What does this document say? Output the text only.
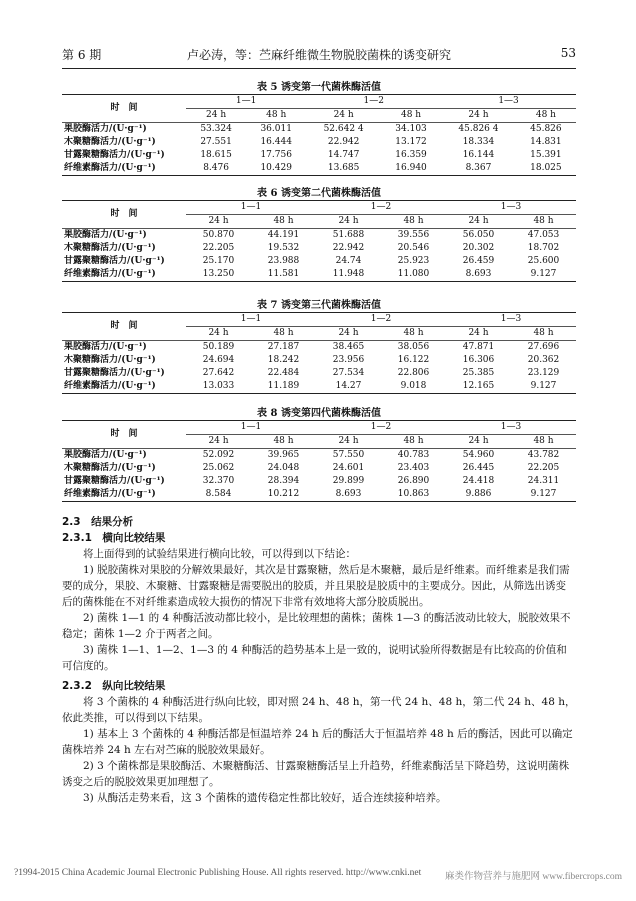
第 6 期	卢必涛，等：苎麻纤维微生物脱胶菌株的诱变研究	53
表 5 诱变第一代菌株酶活值
时　间	1—1		1—2		1—3	
	24 h	48 h	24 h	48 h	24 h	48 h
果胶酶活力/(U·g⁻¹)	53.324	36.011	52.642 4	34.103	45.826 4	45.826
木聚糖酶活力/(U·g⁻¹)	27.551	16.444	22.942	13.172	18.334	14.831
甘露聚糖酶活力/(U·g⁻¹)	18.615	17.756	14.747	16.359	16.144	15.391
纤维素酶活力/(U·g⁻¹)	8.476	10.429	13.685	16.940	8.367	18.025
表 6 诱变第二代菌株酶活值
时　间	1—1		1—2		1—3	
	24 h	48 h	24 h	48 h	24 h	48 h
果胶酶活力/(U·g⁻¹)	50.870	44.191	51.688	39.556	56.050	47.053
木聚糖酶活力/(U·g⁻¹)	22.205	19.532	22.942	20.546	20.302	18.702
甘露聚糖酶活力/(U·g⁻¹)	25.170	23.988	24.74	25.923	26.459	25.600
纤维素酶活力/(U·g⁻¹)	13.250	11.581	11.948	11.080	8.693	9.127
表 7 诱变第三代菌株酶活值
时　间	1—1		1—2		1—3	
	24 h	48 h	24 h	48 h	24 h	48 h
果胶酶活力/(U·g⁻¹)	50.189	27.187	38.465	38.056	47.871	27.696
木聚糖酶活力/(U·g⁻¹)	24.694	18.242	23.956	16.122	16.306	20.362
甘露聚糖酶活力/(U·g⁻¹)	27.642	22.484	27.534	22.806	25.385	23.129
纤维素酶活力/(U·g⁻¹)	13.033	11.189	14.27	9.018	12.165	9.127
表 8 诱变第四代菌株酶活值
时　间	1—1		1—2		1—3	
	24 h	48 h	24 h	48 h	24 h	48 h
果胶酶活力/(U·g⁻¹)	52.092	39.965	57.550	40.783	54.960	43.782
木聚糖酶活力/(U·g⁻¹)	25.062	24.048	24.601	23.403	26.445	22.205
甘露聚糖酶活力/(U·g⁻¹)	32.370	28.394	29.899	26.890	24.418	24.311
纤维素酶活力/(U·g⁻¹)	8.584	10.212	8.693	10.863	9.886	9.127
2.3　结果分析
2.3.1　横向比较结果
将上面得到的试验结果进行横向比较，可以得到以下结论：
1) 脱胶菌株对果胶的分解效果最好，其次是甘露聚糖，然后是木聚糖，最后是纤维素。而纤维素是我们需要的成分，果胶、木聚糖、甘露聚糖是需要脱出的胶质，并且果胶是胶质中的主要成分。因此，从筛选出诱变后的菌株能在不对纤维素造成较大损伤的情况下非常有效地将大部分胶质脱出。
2) 菌株 1—1 的 4 种酶活波动都比较小，是比较理想的菌株；菌株 1—3 的酶活波动比较大，脱胶效果不稳定；菌株 1—2 介于两者之间。
3) 菌株 1—1、1—2、1—3 的 4 种酶活的趋势基本上是一致的，说明试验所得数据是有比较高的价值和可信度的。
2.3.2　纵向比较结果
将 3 个菌株的 4 种酶活进行纵向比较，即对照 24 h、48 h，第一代 24 h、48 h，第二代 24 h、48 h，依此类推，可以得到以下结果。
1) 基本上 3 个菌株的 4 种酶活都是恒温培养 24 h 后的酶活大于恒温培养 48 h 后的酶活，因此可以确定菌株培养 24 h 左右对苎麻的脱胶效果最好。
2) 3 个菌株都是果胶酶活、木聚糖酶活、甘露聚糖酶活呈上升趋势，纤维素酶活呈下降趋势，这说明菌株诱变之后的脱胶效果更加理想了。
3) 从酶活走势来看，这 3 个菌株的遗传稳定性都比较好，适合连续接种培养。
?1994-2015 China Academic Journal Electronic Publishing House. All rights reserved. http://www.cnki.net	麻类作物营养与施肥网 www.fibercrops.com
